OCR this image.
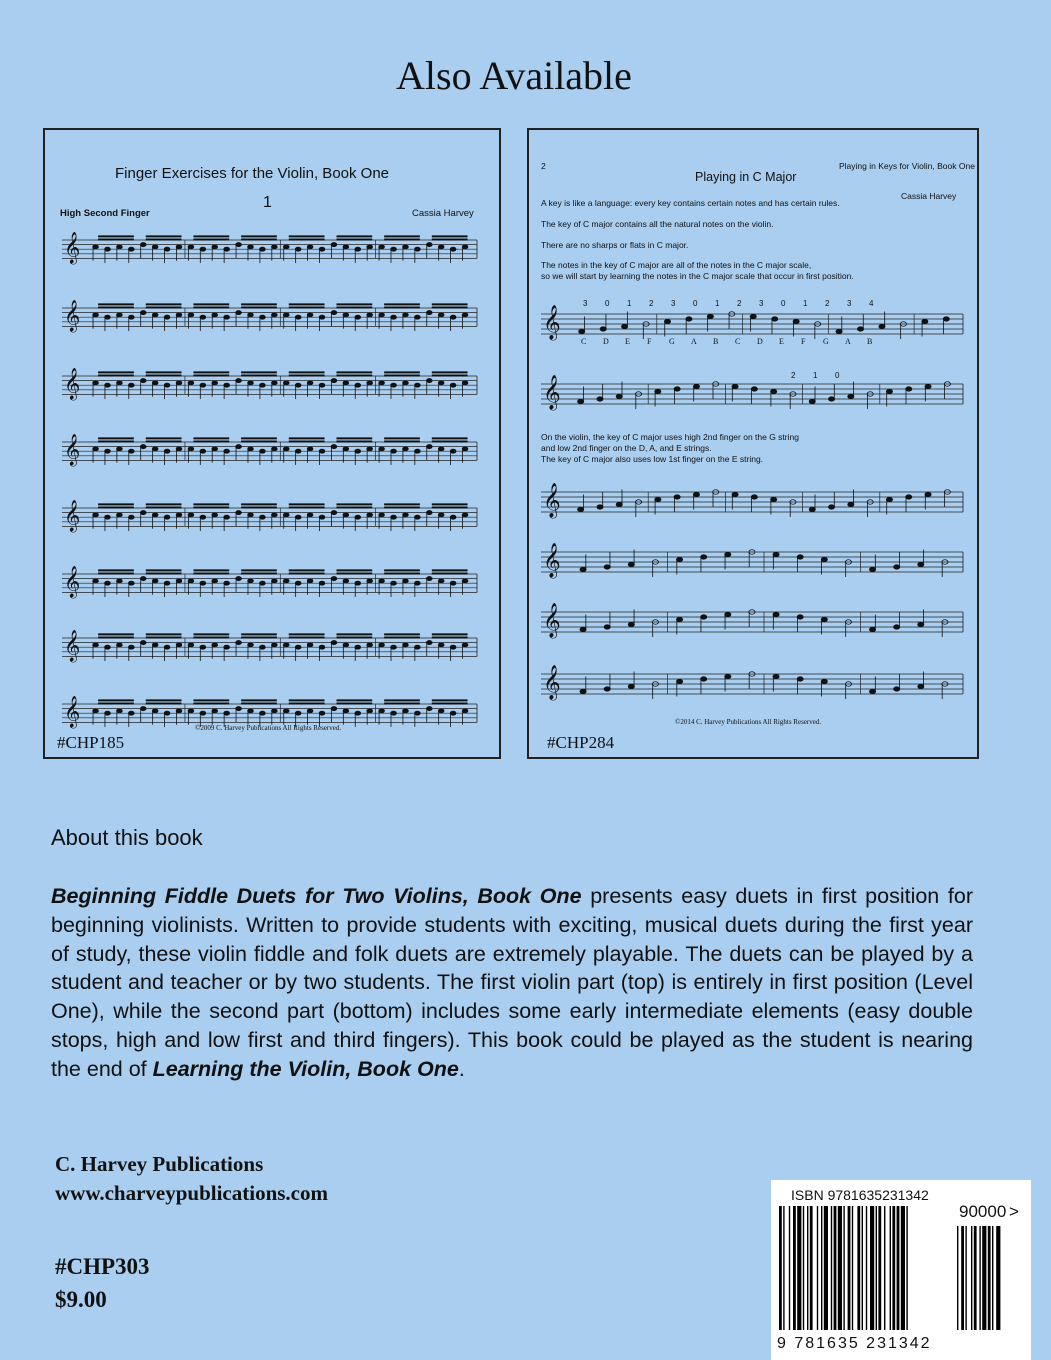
Also Available
Finger Exercises for the Violin, Book One
1
High Second Finger	Cassia Harvey
𝄞
𝄞
𝄞
𝄞
𝄞
𝄞
𝄞
𝄞
©2009 C. Harvey Publications All Rights Reserved.
#CHP185
2	Playing in Keys for Violin, Book One
Playing in C Major
Cassia Harvey
A key is like a language: every key contains certain notes and has certain rules.
The key of C major contains all the natural notes on the violin.
There are no sharps or flats in C major.
The notes in the key of C major are all of the notes in the C major scale,
so we will start by learning the notes in the C major scale that occur in first position.
On the violin, the key of C major uses high 2nd finger on the G string
and low 2nd finger on the D, A, and E strings.
The key of C major also uses low 1st finger on the E string.
𝄞
𝄞
𝄞
𝄞
𝄞
𝄞
3 0 1 2 3 0 1 2 3 0 1 2 3 4
C D E F G A B C D E F G A B
2 1 0
©2014 C. Harvey Publications All Rights Reserved.
#CHP284
About this book
Beginning Fiddle Duets for Two Violins, Book One presents easy duets in first position for beginning violinists. Written to provide students with exciting, musical duets during the first year of study, these violin fiddle and folk duets are extremely playable. The duets can be played by a student and teacher or by two students. The first violin part (top) is entirely in first position (Level One), while the second part (bottom) includes some early intermediate elements (easy double stops, high and low first and third fingers). This book could be played as the student is nearing the end of Learning the Violin, Book One.
C. Harvey Publications
www.charveypublications.com
#CHP303
$9.00
ISBN 9781635231342
90000 >
9 781635 231342
